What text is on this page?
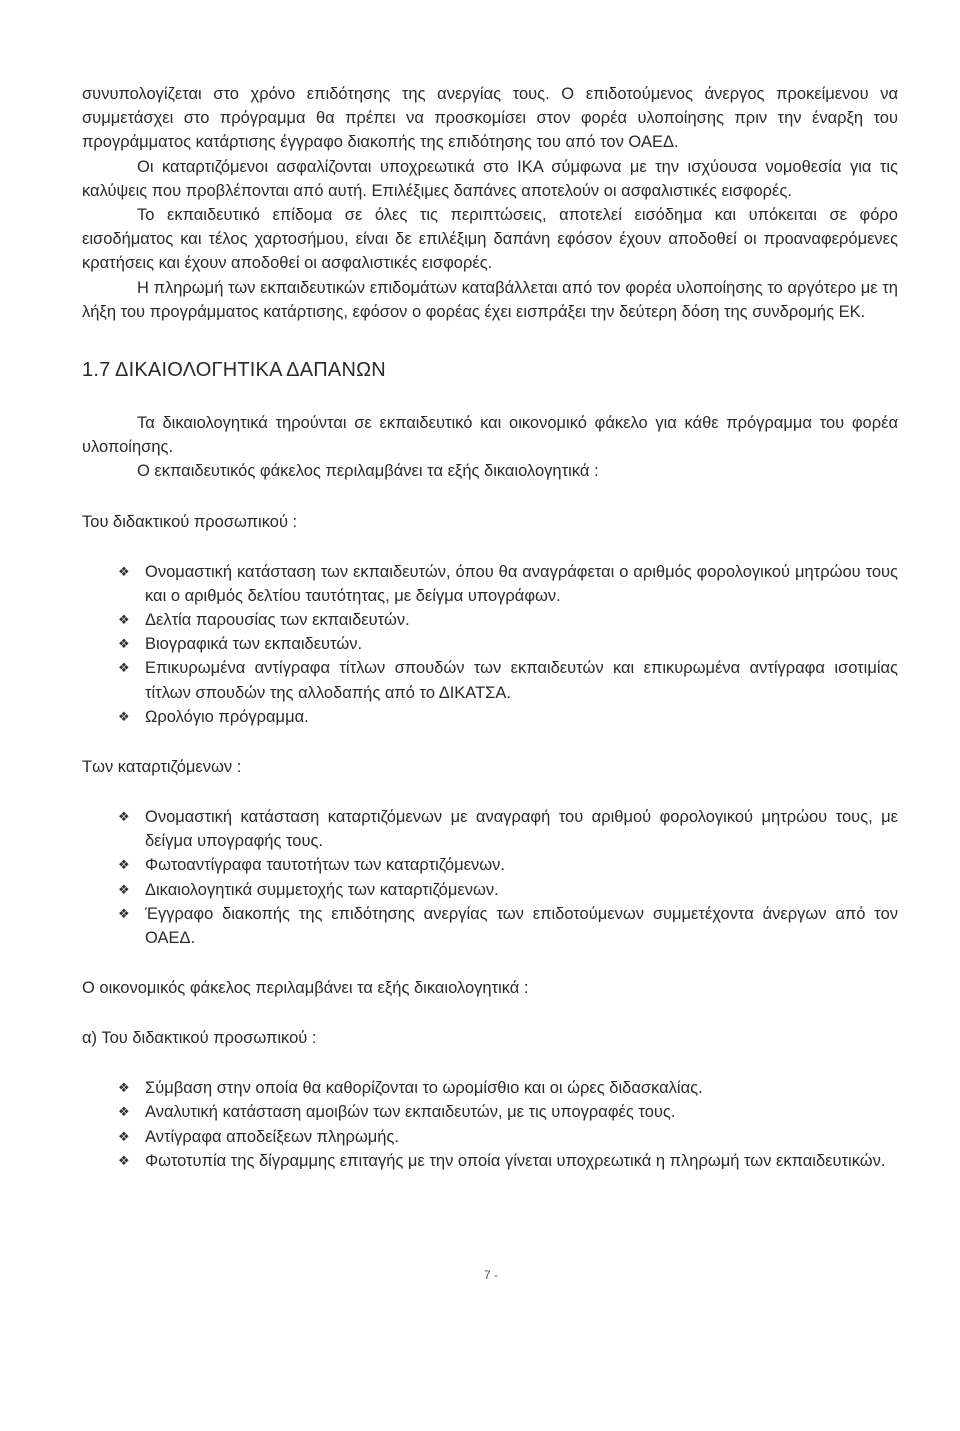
συνυπολογίζεται στο χρόνο επιδότησης της ανεργίας τους. Ο επιδοτούμενος άνεργος προκείμενου να συμμετάσχει στο πρόγραμμα θα πρέπει να προσκομίσει στον φορέα υλοποίησης πριν την έναρξη του προγράμματος κατάρτισης έγγραφο διακοπής της επιδότησης του από τον ΟΑΕΔ.

Οι καταρτιζόμενοι ασφαλίζονται υποχρεωτικά στο ΙΚΑ σύμφωνα με την ισχύουσα νομοθεσία για τις καλύψεις που προβλέπονται από αυτή. Επιλέξιμες δαπάνες αποτελούν οι ασφαλιστικές εισφορές.

Το εκπαιδευτικό επίδομα σε όλες τις περιπτώσεις, αποτελεί εισόδημα και υπόκειται σε φόρο εισοδήματος και τέλος χαρτοσήμου, είναι δε επιλέξιμη δαπάνη εφόσον έχουν αποδοθεί οι προαναφερόμενες κρατήσεις και έχουν αποδοθεί οι ασφαλιστικές εισφορές.

Η πληρωμή των εκπαιδευτικών επιδομάτων καταβάλλεται από τον φορέα υλοποίησης το αργότερο με τη λήξη του προγράμματος κατάρτισης, εφόσον ο φορέας έχει εισπράξει την δεύτερη δόση της συνδρομής ΕΚ.

1.7 ΔΙΚΑΙΟΛΟΓΗΤΙΚΑ ΔΑΠΑΝΩΝ

Τα δικαιολογητικά τηρούνται σε εκπαιδευτικό και οικονομικό φάκελο για κάθε πρόγραμμα του φορέα υλοποίησης.

Ο εκπαιδευτικός φάκελος περιλαμβάνει τα εξής δικαιολογητικά :

Του διδακτικού προσωπικού :

❖ Ονομαστική κατάσταση των εκπαιδευτών, όπου θα αναγράφεται ο αριθμός φορολογικού μητρώου τους και ο αριθμός δελτίου ταυτότητας, με δείγμα υπογράφων.
❖ Δελτία παρουσίας των εκπαιδευτών.
❖ Βιογραφικά των εκπαιδευτών.
❖ Επικυρωμένα αντίγραφα τίτλων σπουδών των εκπαιδευτών και επικυρωμένα αντίγραφα ισοτιμίας τίτλων σπουδών της αλλοδαπής από το ΔΙΚΑΤΣΑ.
❖ Ωρολόγιο πρόγραμμα.

Των καταρτιζόμενων :

❖ Ονομαστική κατάσταση καταρτιζόμενων με αναγραφή του αριθμού φορολογικού μητρώου τους, με δείγμα υπογραφής τους.
❖ Φωτοαντίγραφα ταυτοτήτων των καταρτιζόμενων.
❖ Δικαιολογητικά συμμετοχής των καταρτιζόμενων.
❖ Έγγραφο διακοπής της επιδότησης ανεργίας των επιδοτούμενων συμμετέχοντα άνεργων από τον ΟΑΕΔ.

Ο οικονομικός φάκελος περιλαμβάνει τα εξής δικαιολογητικά :

α) Του διδακτικού προσωπικού :

❖ Σύμβαση στην οποία θα καθορίζονται το ωρομίσθιο και οι ώρες διδασκαλίας.
❖ Αναλυτική κατάσταση αμοιβών των εκπαιδευτών, με τις υπογραφές τους.
❖ Αντίγραφα αποδείξεων πληρωμής.
❖ Φωτοτυπία της δίγραμμης επιταγής με την οποία γίνεται υποχρεωτικά η πληρωμή των εκπαιδευτικών.
7 -
